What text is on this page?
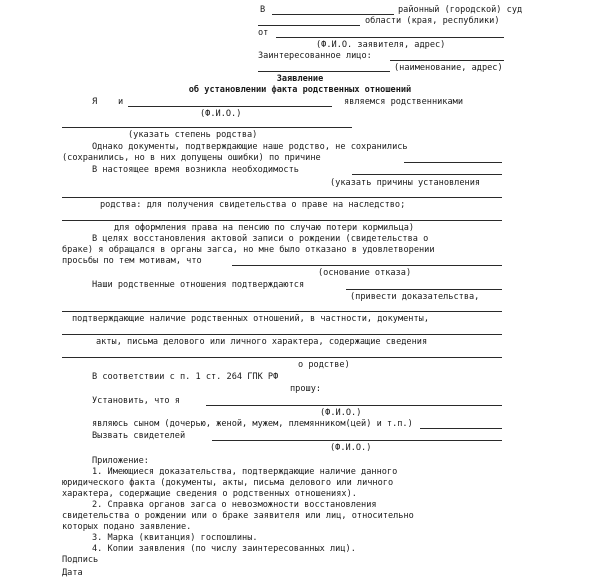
В	районный (городской) суд
области (края, республики)
от
(Ф.И.О. заявителя, адрес)
Заинтересованное лицо:
(наименование, адрес)
Заявление
об установлении факта родственных отношений
Я и	являемся родственниками
(Ф.И.О.)
(указать степень родства)
Однако документы, подтверждающие наше родство, не сохранились
(сохранились, но в них допущены ошибки) по причине
В настоящее время возникла необходимость
(указать причины установления
родства: для получения свидетельства о праве на наследство;
для оформления права на пенсию по случаю потери кормильца)
В целях восстановления актовой записи о рождении (свидетельства о
браке) я обращался в органы загса, но мне было отказано в удовлетворении
просьбы по тем мотивам, что
(основание отказа)
Наши родственные отношения подтверждаются
(привести доказательства,
подтверждающие наличие родственных отношений, в частности, документы,
акты, письма делового или личного характера, содержащие сведения
о родстве)
В соответствии с п. 1 ст. 264 ГПК РФ
прошу:
Установить, что я
(Ф.И.О.)
являюсь сыном (дочерью, женой, мужем, племянником(цей) и т.п.)
Вызвать свидетелей
(Ф.И.О.)
Приложение:
1. Имеющиеся доказательства, подтверждающие наличие данного
юридического факта (документы, акты, письма делового или личного
характера, содержащие сведения о родственных отношениях).
2. Справка органов загса о невозможности восстановления
свидетельства о рождении или о браке заявителя или лиц, относительно
которых подано заявление.
3. Марка (квитанция) госпошлины.
4. Копии заявления (по числу заинтересованных лиц).
Подпись
Дата
